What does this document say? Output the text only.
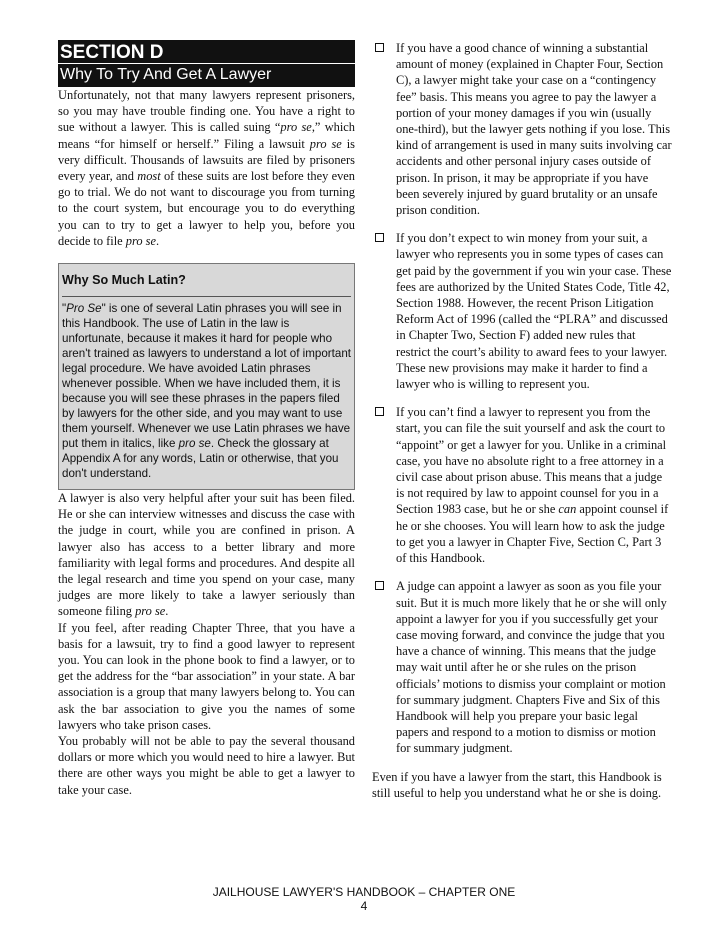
SECTION D
Why To Try And Get A Lawyer

Unfortunately, not that many lawyers represent prisoners, so you may have trouble finding one. You have a right to sue without a lawyer. This is called suing “pro se,” which means “for himself or herself.” Filing a lawsuit pro se is very difficult. Thousands of lawsuits are filed by prisoners every year, and most of these suits are lost before they even go to trial. We do not want to discourage you from turning to the court system, but encourage you to do everything you can to try to get a lawyer to help you, before you decide to file pro se.

Why So Much Latin?

"Pro Se" is one of several Latin phrases you will see in this Handbook. The use of Latin in the law is unfortunate, because it makes it hard for people who aren't trained as lawyers to understand a lot of important legal procedure. We have avoided Latin phrases whenever possible. When we have included them, it is because you will see these phrases in the papers filed by lawyers for the other side, and you may want to use them yourself. Whenever we use Latin phrases we have put them in italics, like pro se. Check the glossary at Appendix A for any words, Latin or otherwise, that you don't understand.

A lawyer is also very helpful after your suit has been filed. He or she can interview witnesses and discuss the case with the judge in court, while you are confined in prison. A lawyer also has access to a better library and more familiarity with legal forms and procedures. And despite all the legal research and time you spend on your case, many judges are more likely to take a lawyer seriously than someone filing pro se.

If you feel, after reading Chapter Three, that you have a basis for a lawsuit, try to find a good lawyer to represent you. You can look in the phone book to find a lawyer, or to get the address for the “bar association” in your state. A bar association is a group that many lawyers belong to. You can ask the bar association to give you the names of some lawyers who take prison cases.

You probably will not be able to pay the several thousand dollars or more which you would need to hire a lawyer. But there are other ways you might be able to get a lawyer to take your case.

If you have a good chance of winning a substantial amount of money (explained in Chapter Four, Section C), a lawyer might take your case on a “contingency fee” basis. This means you agree to pay the lawyer a portion of your money damages if you win (usually one-third), but the lawyer gets nothing if you lose. This kind of arrangement is used in many suits involving car accidents and other personal injury cases outside of prison. In prison, it may be appropriate if you have been severely injured by guard brutality or an unsafe prison condition.
If you don’t expect to win money from your suit, a lawyer who represents you in some types of cases can get paid by the government if you win your case. These fees are authorized by the United States Code, Title 42, Section 1988. However, the recent Prison Litigation Reform Act of 1996 (called the “PLRA” and discussed in Chapter Two, Section F) added new rules that restrict the court’s ability to award fees to your lawyer. These new provisions may make it harder to find a lawyer who is willing to represent you.
If you can’t find a lawyer to represent you from the start, you can file the suit yourself and ask the court to “appoint” or get a lawyer for you. Unlike in a criminal case, you have no absolute right to a free attorney in a civil case about prison abuse. This means that a judge is not required by law to appoint counsel for you in a Section 1983 case, but he or she can appoint counsel if he or she chooses. You will learn how to ask the judge to get you a lawyer in Chapter Five, Section C, Part 3 of this Handbook.
A judge can appoint a lawyer as soon as you file your suit. But it is much more likely that he or she will only appoint a lawyer for you if you successfully get your case moving forward, and convince the judge that you have a chance of winning. This means that the judge may wait until after he or she rules on the prison officials’ motions to dismiss your complaint or motion for summary judgment. Chapters Five and Six of this Handbook will help you prepare your basic legal papers and respond to a motion to dismiss or motion for summary judgment.

Even if you have a lawyer from the start, this Handbook is still useful to help you understand what he or she is doing.

JAILHOUSE LAWYER'S HANDBOOK – CHAPTER ONE
4
